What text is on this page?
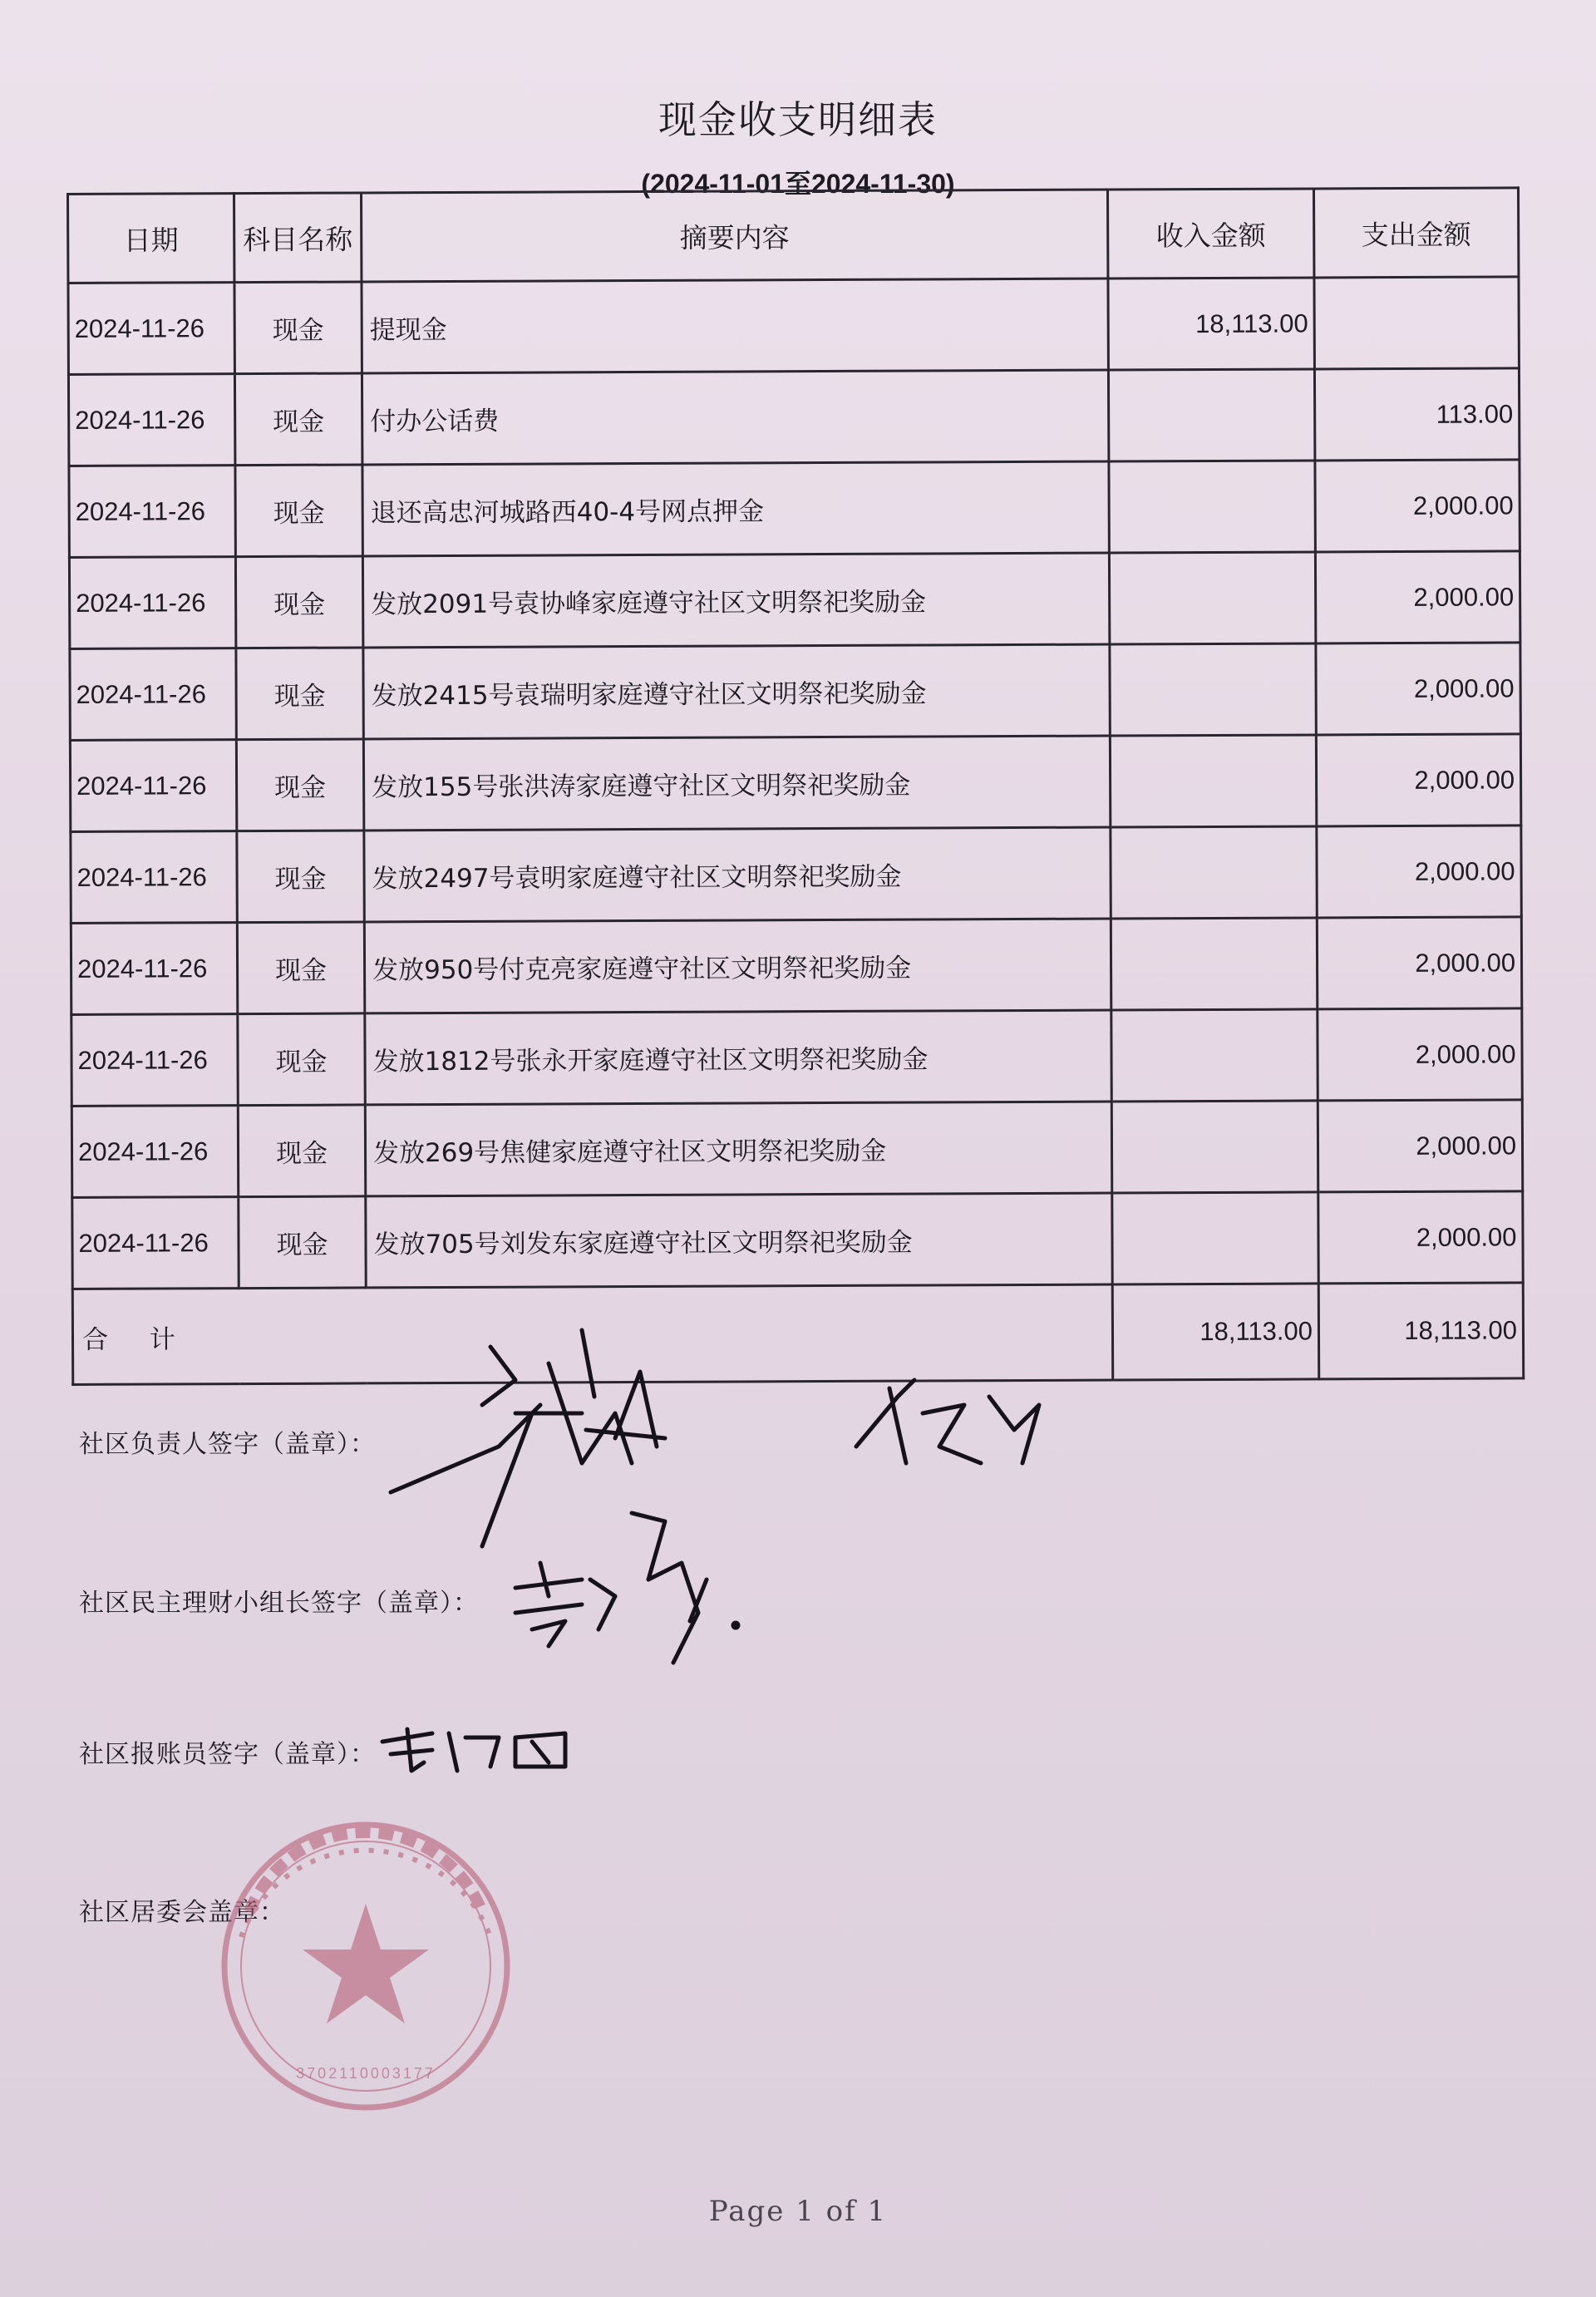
现金收支明细表
(2024-11-01至2024-11-30)
日期	科目名称	摘要内容	收入金额	支出金额
2024-11-26	现金	提现金	18,113.00	
2024-11-26	现金	付办公话费		113.00
2024-11-26	现金	退还高忠河城路西40-4号网点押金		2,000.00
2024-11-26	现金	发放2091号袁协峰家庭遵守社区文明祭祀奖励金		2,000.00
2024-11-26	现金	发放2415号袁瑞明家庭遵守社区文明祭祀奖励金		2,000.00
2024-11-26	现金	发放155号张洪涛家庭遵守社区文明祭祀奖励金		2,000.00
2024-11-26	现金	发放2497号袁明家庭遵守社区文明祭祀奖励金		2,000.00
2024-11-26	现金	发放950号付克亮家庭遵守社区文明祭祀奖励金		2,000.00
2024-11-26	现金	发放1812号张永开家庭遵守社区文明祭祀奖励金		2,000.00
2024-11-26	现金	发放269号焦健家庭遵守社区文明祭祀奖励金		2,000.00
2024-11-26	现金	发放705号刘发东家庭遵守社区文明祭祀奖励金		2,000.00
合 计			18,113.00	18,113.00
社区负责人签字（盖章）：
社区民主理财小组长签字（盖章）：
社区报账员签字（盖章）：
社区居委会盖章：
3702110003177
Page 1 of 1
